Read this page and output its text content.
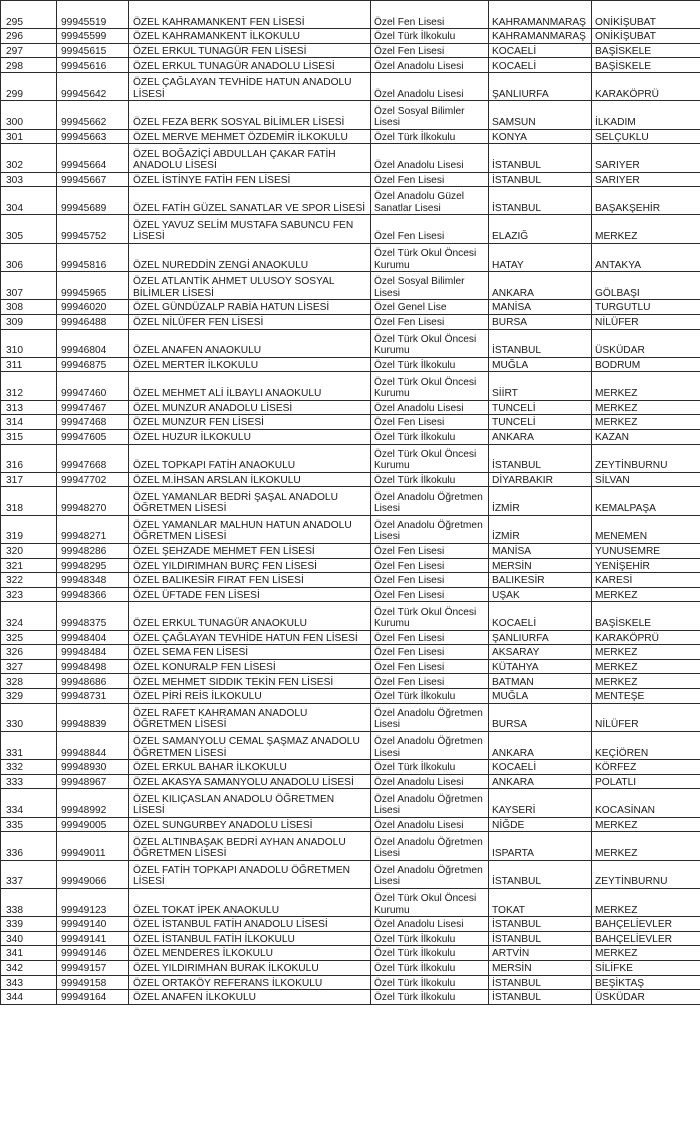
295	99945519	ÖZEL KAHRAMANKENT FEN LİSESİ	Özel Fen Lisesi	KAHRAMANMARAŞ	ONİKİŞUBAT
296	99945599	ÖZEL KAHRAMANKENT İLKOKULU	Özel Türk İlkokulu	KAHRAMANMARAŞ	ONİKİŞUBAT
297	99945615	ÖZEL ERKUL TUNAGÜR FEN LİSESİ	Özel Fen Lisesi	KOCAELİ	BAŞİSKELE
298	99945616	ÖZEL ERKUL TUNAGÜR ANADOLU LİSESİ	Özel Anadolu Lisesi	KOCAELİ	BAŞİSKELE
299	99945642	ÖZEL ÇAĞLAYAN TEVHİDE HATUN ANADOLU LİSESİ	Özel Anadolu Lisesi	ŞANLIURFA	KARAKÖPRÜ
300	99945662	ÖZEL FEZA BERK SOSYAL BİLİMLER LİSESİ	Özel Sosyal Bilimler Lisesi	SAMSUN	İLKADIM
301	99945663	ÖZEL MERVE MEHMET ÖZDEMİR İLKOKULU	Özel Türk İlkokulu	KONYA	SELÇUKLU
302	99945664	ÖZEL BOĞAZİÇİ ABDULLAH ÇAKAR FATİH ANADOLU LİSESİ	Özel Anadolu Lisesi	İSTANBUL	SARIYER
303	99945667	ÖZEL İSTİNYE FATİH FEN LİSESİ	Özel Fen Lisesi	İSTANBUL	SARIYER
304	99945689	ÖZEL FATİH GÜZEL SANATLAR VE SPOR LİSESİ	Özel Anadolu Güzel Sanatlar Lisesi	İSTANBUL	BAŞAKŞEHİR
305	99945752	ÖZEL YAVUZ SELİM MUSTAFA SABUNCU FEN LİSESİ	Özel Fen Lisesi	ELAZIĞ	MERKEZ
306	99945816	ÖZEL NUREDDİN ZENGİ ANAOKULU	Özel Türk Okul Öncesi Kurumu	HATAY	ANTAKYA
307	99945965	ÖZEL ATLANTİK AHMET ULUSOY SOSYAL BİLİMLER LİSESİ	Özel Sosyal Bilimler Lisesi	ANKARA	GÖLBAŞI
308	99946020	ÖZEL GÜNDÜZALP RABİA HATUN LİSESİ	Özel Genel Lise	MANİSA	TURGUTLU
309	99946488	ÖZEL NİLÜFER FEN LİSESİ	Özel Fen Lisesi	BURSA	NİLÜFER
310	99946804	ÖZEL ANAFEN ANAOKULU	Özel Türk Okul Öncesi Kurumu	İSTANBUL	ÜSKÜDAR
311	99946875	ÖZEL MERTER İLKOKULU	Özel Türk İlkokulu	MUĞLA	BODRUM
312	99947460	ÖZEL MEHMET ALİ İLBAYLI ANAOKULU	Özel Türk Okul Öncesi Kurumu	SİİRT	MERKEZ
313	99947467	ÖZEL MUNZUR ANADOLU LİSESİ	Özel Anadolu Lisesi	TUNCELİ	MERKEZ
314	99947468	ÖZEL MUNZUR FEN LİSESİ	Özel Fen Lisesi	TUNCELİ	MERKEZ
315	99947605	ÖZEL HUZUR İLKOKULU	Özel Türk İlkokulu	ANKARA	KAZAN
316	99947668	ÖZEL TOPKAPI FATİH ANAOKULU	Özel Türk Okul Öncesi Kurumu	İSTANBUL	ZEYTİNBURNU
317	99947702	ÖZEL M.İHSAN ARSLAN İLKOKULU	Özel Türk İlkokulu	DİYARBAKIR	SİLVAN
318	99948270	ÖZEL YAMANLAR BEDRİ ŞAŞAL ANADOLU ÖĞRETMEN LİSESİ	Özel Anadolu Öğretmen Lisesi	İZMİR	KEMALPAŞA
319	99948271	ÖZEL YAMANLAR MALHUN HATUN ANADOLU ÖĞRETMEN LİSESİ	Özel Anadolu Öğretmen Lisesi	İZMİR	MENEMEN
320	99948286	ÖZEL ŞEHZADE MEHMET FEN LİSESİ	Özel Fen Lisesi	MANİSA	YUNUSEMRE
321	99948295	ÖZEL YILDIRIMHAN BURÇ FEN LİSESİ	Özel Fen Lisesi	MERSİN	YENİŞEHİR
322	99948348	ÖZEL BALIKESİR FIRAT FEN LİSESİ	Özel Fen Lisesi	BALIKESİR	KARESİ
323	99948366	ÖZEL ÜFTADE FEN LİSESİ	Özel Fen Lisesi	UŞAK	MERKEZ
324	99948375	ÖZEL ERKUL TUNAGÜR ANAOKULU	Özel Türk Okul Öncesi Kurumu	KOCAELİ	BAŞİSKELE
325	99948404	ÖZEL ÇAĞLAYAN TEVHİDE HATUN FEN LİSESİ	Özel Fen Lisesi	ŞANLIURFA	KARAKÖPRÜ
326	99948484	ÖZEL SEMA FEN LİSESİ	Özel Fen Lisesi	AKSARAY	MERKEZ
327	99948498	ÖZEL KONURALP FEN LİSESİ	Özel Fen Lisesi	KÜTAHYA	MERKEZ
328	99948686	ÖZEL MEHMET SIDDIK TEKİN FEN LİSESİ	Özel Fen Lisesi	BATMAN	MERKEZ
329	99948731	ÖZEL PİRİ REİS İLKOKULU	Özel Türk İlkokulu	MUĞLA	MENTEŞE
330	99948839	ÖZEL RAFET KAHRAMAN ANADOLU ÖĞRETMEN LİSESİ	Özel Anadolu Öğretmen Lisesi	BURSA	NİLÜFER
331	99948844	ÖZEL SAMANYOLU CEMAL ŞAŞMAZ ANADOLU ÖĞRETMEN LİSESİ	Özel Anadolu Öğretmen Lisesi	ANKARA	KEÇİÖREN
332	99948930	ÖZEL ERKUL BAHAR İLKOKULU	Özel Türk İlkokulu	KOCAELİ	KÖRFEZ
333	99948967	ÖZEL AKASYA SAMANYOLU ANADOLU LİSESİ	Özel Anadolu Lisesi	ANKARA	POLATLI
334	99948992	ÖZEL KILIÇASLAN ANADOLU ÖĞRETMEN LİSESİ	Özel Anadolu Öğretmen Lisesi	KAYSERİ	KOCASİNAN
335	99949005	ÖZEL SUNGURBEY ANADOLU LİSESİ	Özel Anadolu Lisesi	NİĞDE	MERKEZ
336	99949011	ÖZEL ALTINBAŞAK BEDRİ AYHAN ANADOLU ÖĞRETMEN LİSESİ	Özel Anadolu Öğretmen Lisesi	ISPARTA	MERKEZ
337	99949066	ÖZEL FATİH TOPKAPI ANADOLU ÖĞRETMEN LİSESİ	Özel Anadolu Öğretmen Lisesi	İSTANBUL	ZEYTİNBURNU
338	99949123	ÖZEL TOKAT İPEK ANAOKULU	Özel Türk Okul Öncesi Kurumu	TOKAT	MERKEZ
339	99949140	ÖZEL İSTANBUL FATİH ANADOLU LİSESİ	Özel Anadolu Lisesi	İSTANBUL	BAHÇELİEVLER
340	99949141	ÖZEL İSTANBUL FATİH İLKOKULU	Özel Türk İlkokulu	İSTANBUL	BAHÇELİEVLER
341	99949146	ÖZEL MENDERES İLKOKULU	Özel Türk İlkokulu	ARTVİN	MERKEZ
342	99949157	ÖZEL YILDIRIMHAN BURAK İLKOKULU	Özel Türk İlkokulu	MERSİN	SİLİFKE
343	99949158	ÖZEL ORTAKÖY REFERANS İLKOKULU	Özel Türk İlkokulu	İSTANBUL	BEŞİKTAŞ
344	99949164	ÖZEL ANAFEN İLKOKULU	Özel Türk İlkokulu	İSTANBUL	ÜSKÜDAR
